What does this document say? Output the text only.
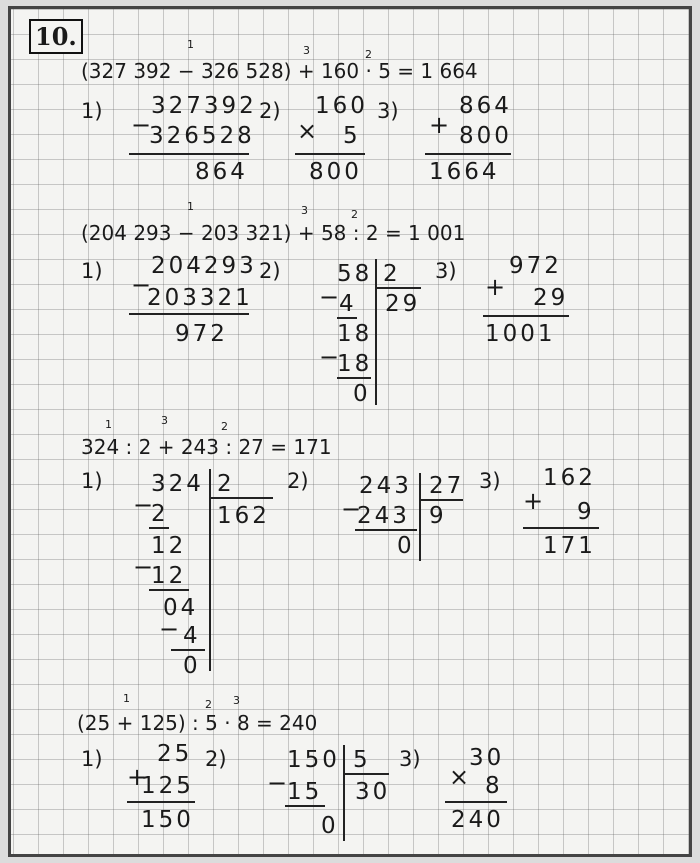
10.	1	3	2
(327 392 − 326 528) + 160 · 5 = 1 664
1) 327392
−
326528
864
2) 160
× 5
800
3)	864
+ 800
1664
1	3	2
(204 293 − 203 321) + 58 : 2 = 1 001
1) 204293
−
203321
972
2) 58 2
29
− 4
18
−
18
0
3) 972
+ 29
1001
1	3	2
324 : 2 + 243 : 27 = 171
1) 324 2
162
−
2
12
−
12
04
− 4
0
2) 243 27
9
−
243
0
3) 162
+ 9
171
1	2 3
(25 + 125) : 5 · 8 = 240
1) 25
+
125
150
2)	150 5
30
− 15
0
3) 30
× 8
240
